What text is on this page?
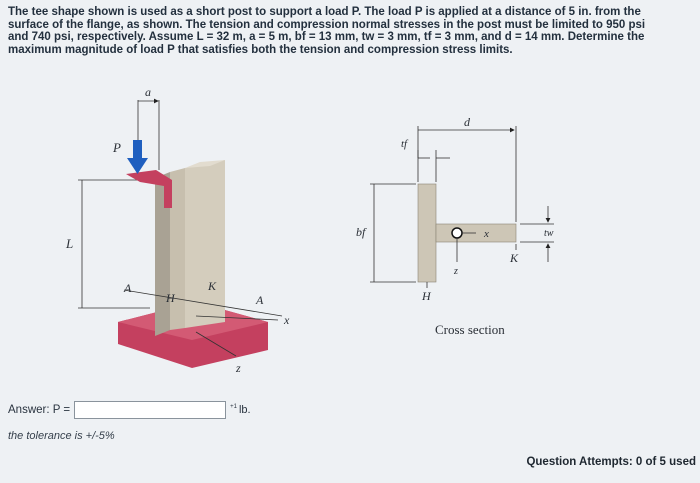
The tee shape shown is used as a short post to support a load P. The load P is applied at a distance of 5 in. from the
surface of the flange, as shown. The tension and compression normal stresses in the post must be limited to 950 psi
and 740 psi, respectively. Assume L = 32 m, a = 5 m, bf = 13 mm, tw = 3 mm, tf = 3 mm, and d = 14 mm. Determine the
maximum magnitude of load P that satisfies both the tension and compression stress limits.
a
L
P
A	K
H	A
x
z
d
tf
bf	x
z
K
tw
H
Cross section
Answer: P =	$^{+1}$ lb.
the tolerance is +/-5%
Question Attempts: 0 of 5 used
